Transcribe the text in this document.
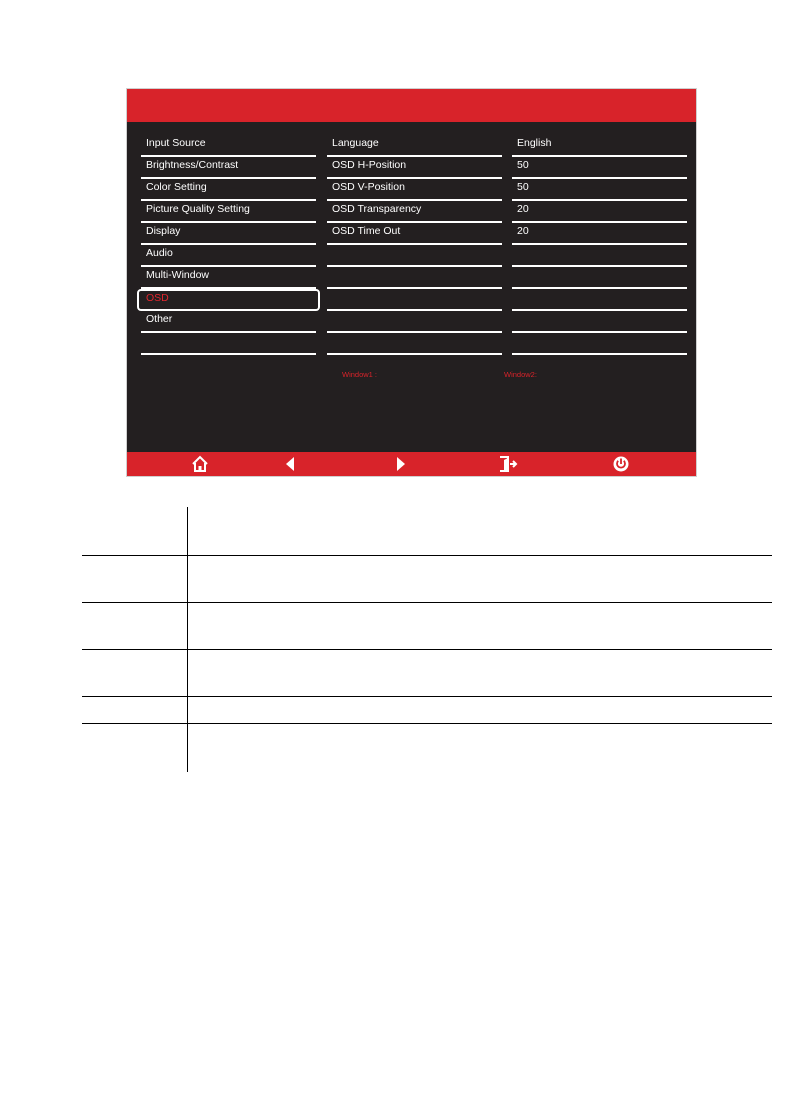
Input Source
Brightness/Contrast
Color Setting
Picture Quality Setting
Display
Audio
Multi-Window
OSD
Other
Language
OSD H-Position
OSD V-Position
OSD Transparency
OSD Time Out
English
50
50
20
20
Window1 :	Window2:
